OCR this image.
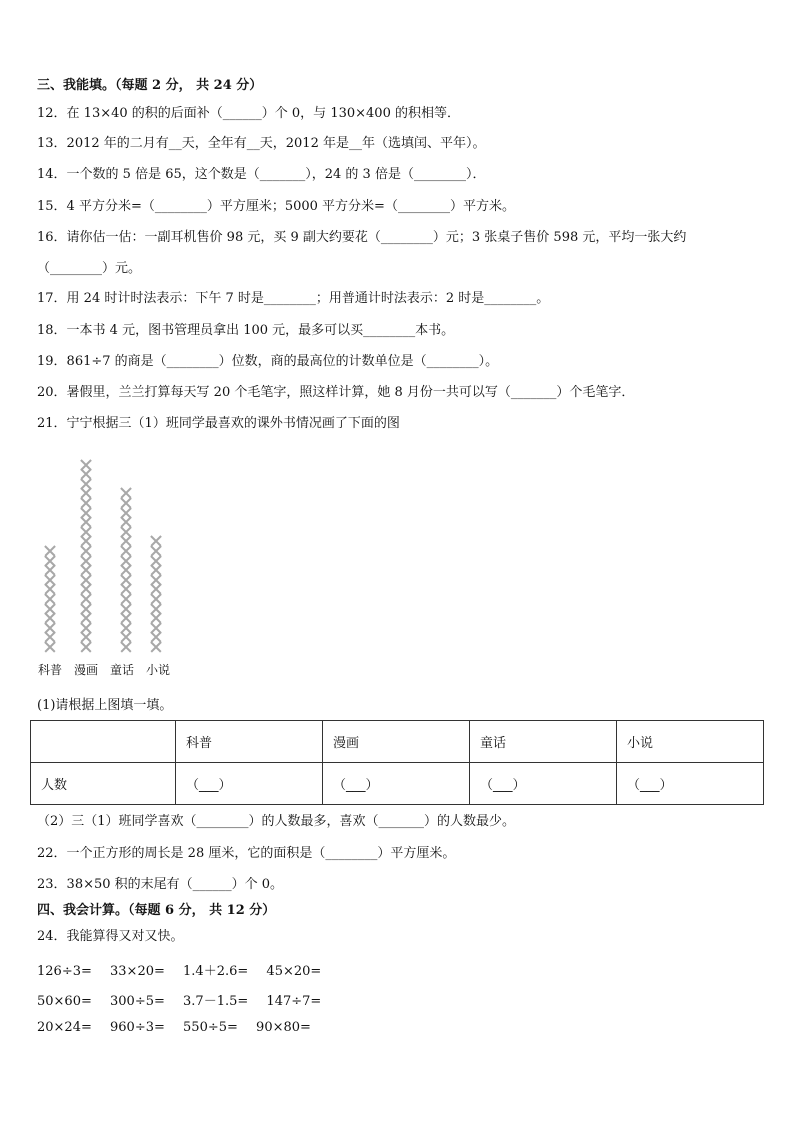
三、我能填。（每题 2 分， 共 24 分）
12．在 13×40 的积的后面补（______）个 0，与 130×400 的积相等．
13．2012 年的二月有__天，全年有__天，2012 年是__年（选填闰、平年）。
14．一个数的 5 倍是 65，这个数是（_______），24 的 3 倍是（________）．
15．4 平方分米=（________）平方厘米；5000 平方分米=（________）平方米。
16．请你估一估：一副耳机售价 98 元，买 9 副大约要花（________）元；3 张桌子售价 598 元，平均一张大约
（________）元。
17．用 24 时计时法表示：下午 7 时是________；用普通计时法表示：2 时是________。
18．一本书 4 元，图书管理员拿出 100 元，最多可以买________本书。
19．861÷7 的商是（________）位数，商的最高位的计数单位是（________）。
20．暑假里，兰兰打算每天写 20 个毛笔字，照这样计算，她 8 月份一共可以写（_______）个毛笔字．
21．宁宁根据三（1）班同学最喜欢的课外书情况画了下面的图
科普 漫画 童话 小说
(1)请根据上图填一填。
	科普	漫画	童话	小说
人数	（___）	（___）	（___）	（___）
（2）三（1）班同学喜欢（________）的人数最多，喜欢（_______）的人数最少。
22．一个正方形的周长是 28 厘米，它的面积是（________）平方厘米。
23．38×50 积的末尾有（______）个 0。
四、我会计算。（每题 6 分， 共 12 分）
24．我能算得又对又快。
126÷3= 33×20= 1.4＋2.6= 45×20=
50×60= 300÷5= 3.7－1.5= 147÷7=
20×24= 960÷3= 550÷5= 90×80=
